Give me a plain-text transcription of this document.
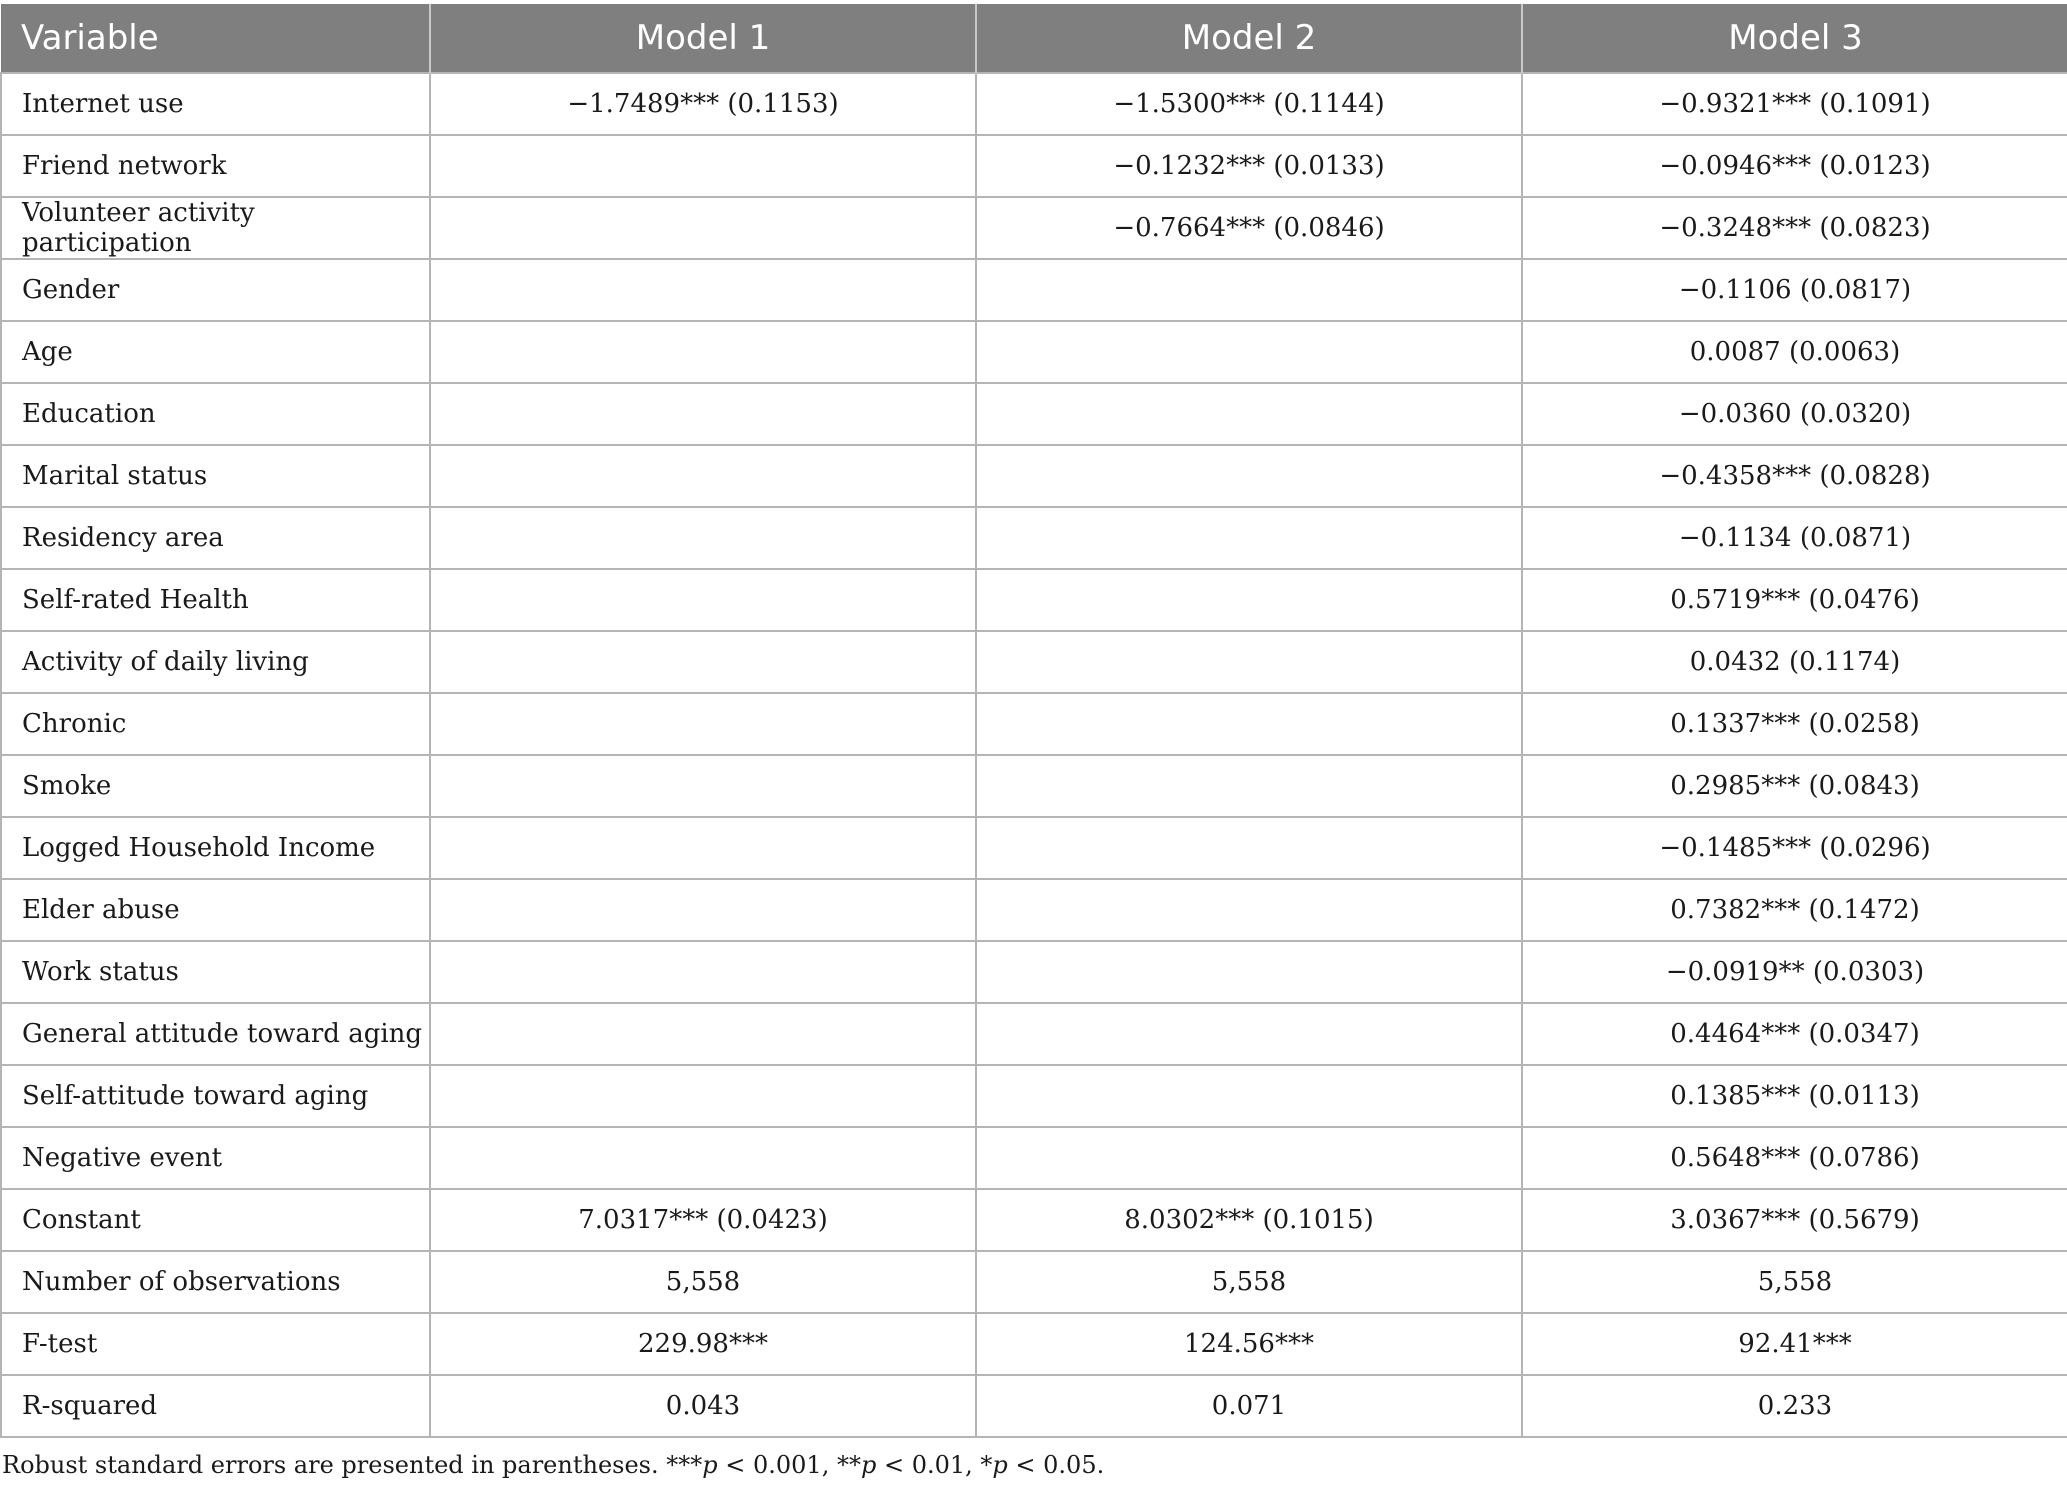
Variable	Model 1	Model 2	Model 3
Internet use	−1.7489*** (0.1153)	−1.5300*** (0.1144)	−0.9321*** (0.1091)
Friend network		−0.1232*** (0.0133)	−0.0946*** (0.0123)
Volunteer activity participation		−0.7664*** (0.0846)	−0.3248*** (0.0823)
Gender			−0.1106 (0.0817)
Age			0.0087 (0.0063)
Education			−0.0360 (0.0320)
Marital status			−0.4358*** (0.0828)
Residency area			−0.1134 (0.0871)
Self-rated Health			0.5719*** (0.0476)
Activity of daily living			0.0432 (0.1174)
Chronic			0.1337*** (0.0258)
Smoke			0.2985*** (0.0843)
Logged Household Income			−0.1485*** (0.0296)
Elder abuse			0.7382*** (0.1472)
Work status			−0.0919** (0.0303)
General attitude toward aging			0.4464*** (0.0347)
Self-attitude toward aging			0.1385*** (0.0113)
Negative event			0.5648*** (0.0786)
Constant	7.0317*** (0.0423)	8.0302*** (0.1015)	3.0367*** (0.5679)
Number of observations	5,558	5,558	5,558
F-test	229.98***	124.56***	92.41***
R-squared	0.043	0.071	0.233
Robust standard errors are presented in parentheses. ***p < 0.001, **p < 0.01, *p < 0.05.
